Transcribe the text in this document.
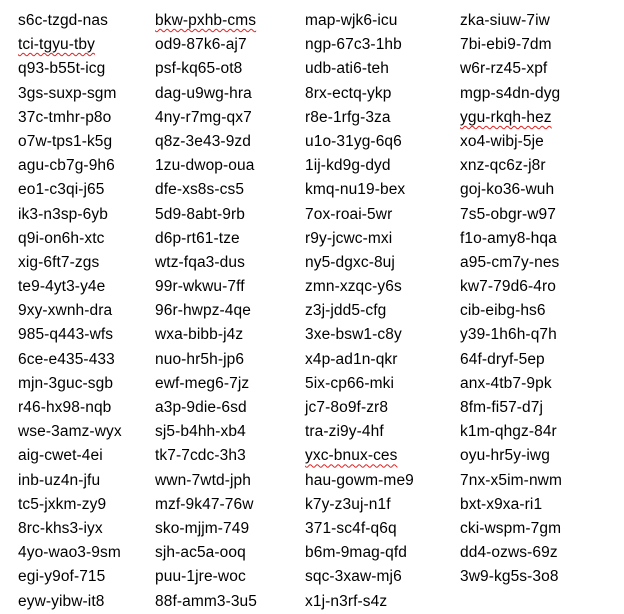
s6c-tzgd-nas	bkw-pxhb-cms	map-wjk6-icu	zka-siuw-7iw
tci-tgyu-tby	od9-87k6-aj7	ngp-67c3-1hb	7bi-ebi9-7dm
q93-b55t-icg	psf-kq65-ot8	udb-ati6-teh	w6r-rz45-xpf
3gs-suxp-sgm	dag-u9wg-hra	8rx-ectq-ykp	mgp-s4dn-dyg
37c-tmhr-p8o	4ny-r7mg-qx7	r8e-1rfg-3za	ygu-rkqh-hez
o7w-tps1-k5g	q8z-3e43-9zd	u1o-31yg-6q6	xo4-wibj-5je
agu-cb7g-9h6	1zu-dwop-oua	1ij-kd9g-dyd	xnz-qc6z-j8r
eo1-c3qi-j65	dfe-xs8s-cs5	kmq-nu19-bex	goj-ko36-wuh
ik3-n3sp-6yb	5d9-8abt-9rb	7ox-roai-5wr	7s5-obgr-w97
q9i-on6h-xtc	d6p-rt61-tze	r9y-jcwc-mxi	f1o-amy8-hqa
xig-6ft7-zgs	wtz-fqa3-dus	ny5-dgxc-8uj	a95-cm7y-nes
te9-4yt3-y4e	99r-wkwu-7ff	zmn-xzqc-y6s	kw7-79d6-4ro
9xy-xwnh-dra	96r-hwpz-4qe	z3j-jdd5-cfg	cib-eibg-hs6
985-q443-wfs	wxa-bibb-j4z	3xe-bsw1-c8y	y39-1h6h-q7h
6ce-e435-433	nuo-hr5h-jp6	x4p-ad1n-qkr	64f-dryf-5ep
mjn-3guc-sgb	ewf-meg6-7jz	5ix-cp66-mki	anx-4tb7-9pk
r46-hx98-nqb	a3p-9die-6sd	jc7-8o9f-zr8	8fm-fi57-d7j
wse-3amz-wyx	sj5-b4hh-xb4	tra-zi9y-4hf	k1m-qhgz-84r
aig-cwet-4ei	tk7-7cdc-3h3	yxc-bnux-ces	oyu-hr5y-iwg
inb-uz4n-jfu	wwn-7wtd-jph	hau-gowm-me9	7nx-x5im-nwm
tc5-jxkm-zy9	mzf-9k47-76w	k7y-z3uj-n1f	bxt-x9xa-ri1
8rc-khs3-iyx	sko-mjjm-749	371-sc4f-q6q	cki-wspm-7gm
4yo-wao3-9sm	sjh-ac5a-ooq	b6m-9mag-qfd	dd4-ozws-69z
egi-y9of-715	puu-1jre-woc	sqc-3xaw-mj6	3w9-kg5s-3o8
eyw-yibw-it8	88f-amm3-3u5	x1j-n3rf-s4z
